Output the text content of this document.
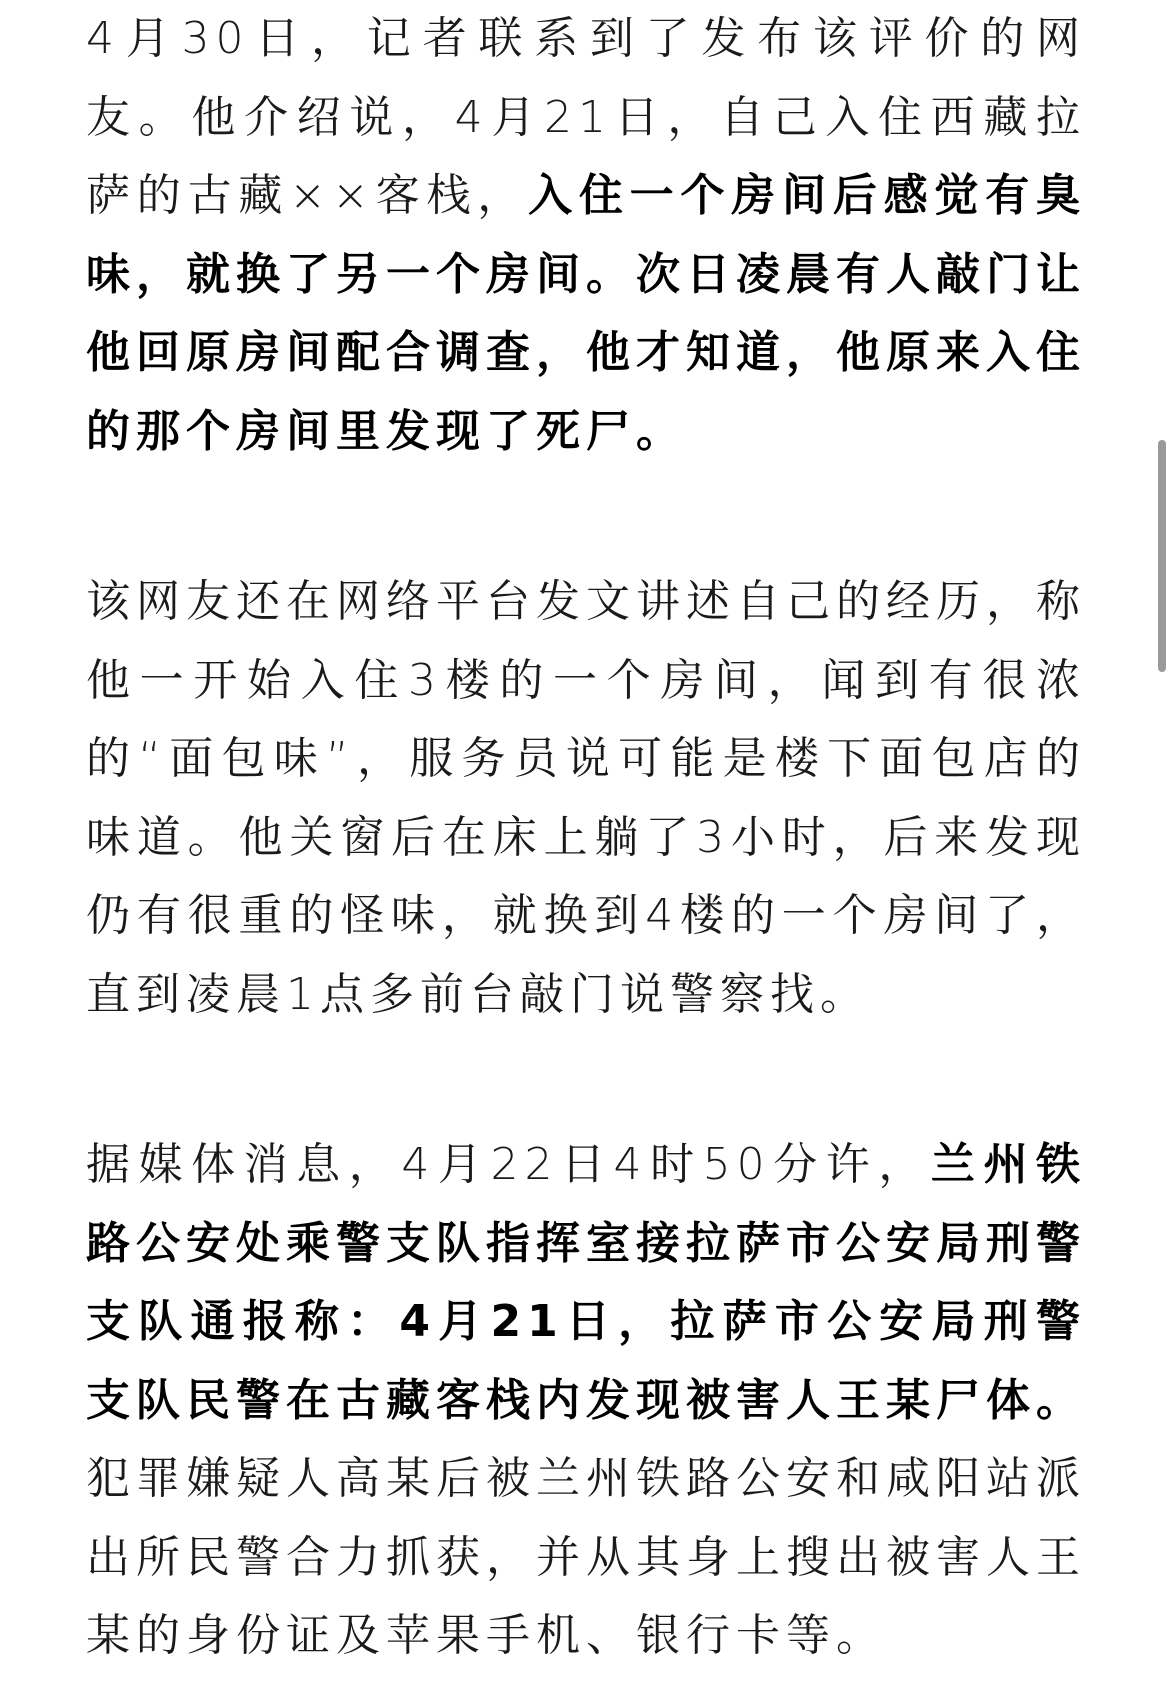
4月30日，记者联系到了发布该评价的网友。他介绍说，4月21日，自己入住西藏拉萨的古藏××客栈，入住一个房间后感觉有臭味，就换了另一个房间。次日凌晨有人敲门让他回原房间配合调查，他才知道，他原来入住的那个房间里发现了死尸。

该网友还在网络平台发文讲述自己的经历，称他一开始入住3楼的一个房间，闻到有很浓的“面包味”，服务员说可能是楼下面包店的味道。他关窗后在床上躺了3小时，后来发现仍有很重的怪味，就换到4楼的一个房间了，直到凌晨1点多前台敲门说警察找。

据媒体消息，4月22日4时50分许，兰州铁路公安处乘警支队指挥室接拉萨市公安局刑警支队通报称：4月21日，拉萨市公安局刑警支队民警在古藏客栈内发现被害人王某尸体。犯罪嫌疑人高某后被兰州铁路公安和咸阳站派出所民警合力抓获，并从其身上搜出被害人王某的身份证及苹果手机、银行卡等。
